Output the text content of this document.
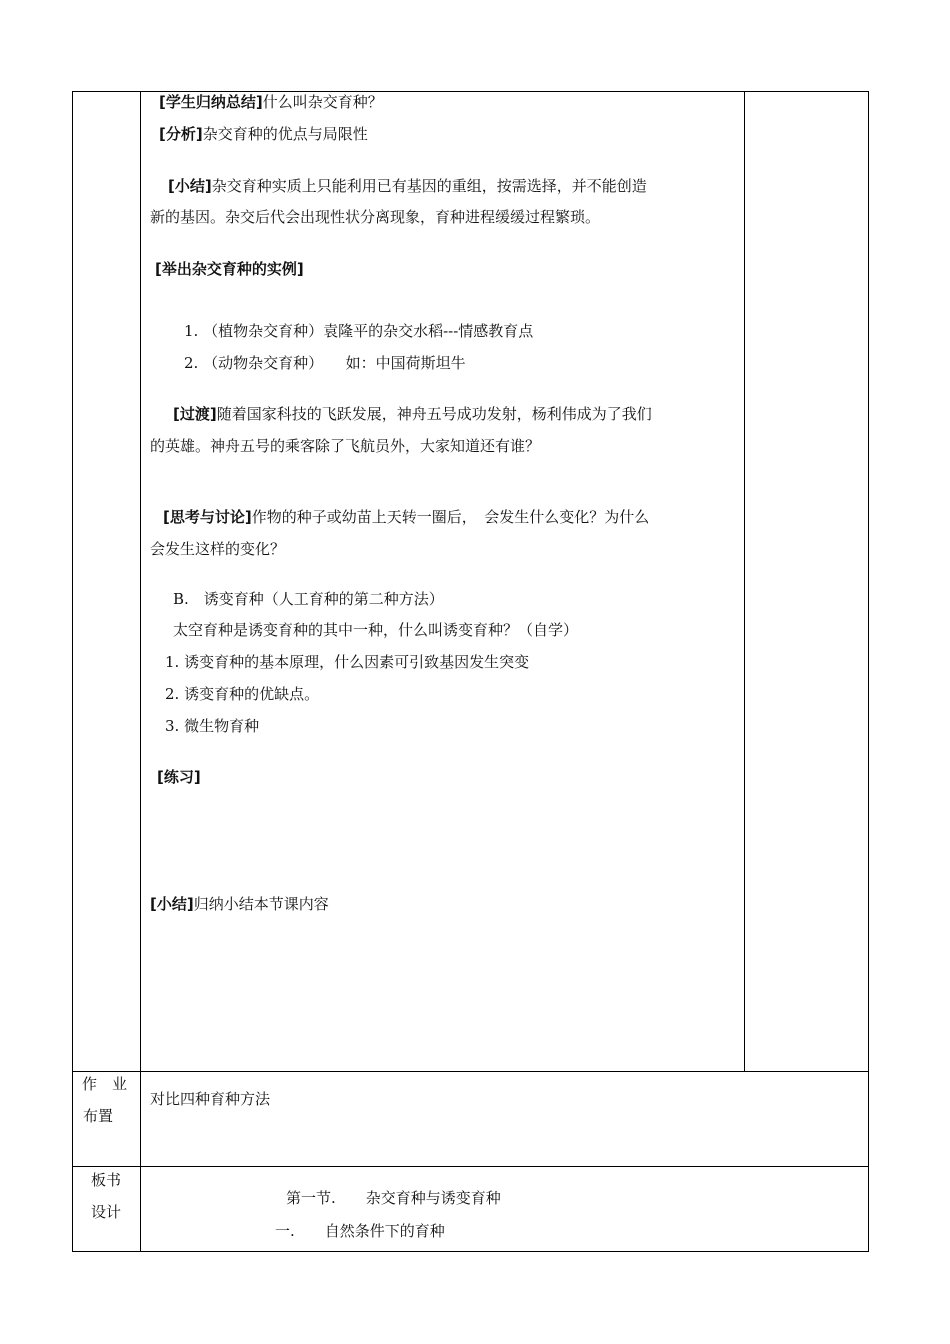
[学生归纳总结]什么叫杂交育种？
[分析]杂交育种的优点与局限性
[小结]杂交育种实质上只能利用已有基因的重组，按需选择，并不能创造
新的基因。杂交后代会出现性状分离现象，育种进程缓缓过程繁琐。
[举出杂交育种的实例]
1. （植物杂交育种）袁隆平的杂交水稻---情感教育点
2. （动物杂交育种）　　如：中国荷斯坦牛
[过渡]随着国家科技的飞跃发展，神舟五号成功发射，杨利伟成为了我们
的英雄。神舟五号的乘客除了飞航员外，大家知道还有谁？
[思考与讨论]作物的种子或幼苗上天转一圈后，　会发生什么变化？为什么
会发生这样的变化？
B.　诱变育种（人工育种的第二种方法）
太空育种是诱变育种的其中一种，什么叫诱变育种？（自学）
1. 诱变育种的基本原理，什么因素可引致基因发生突变
2. 诱变育种的优缺点。
3. 微生物育种
[练习]
[小结]归纳小结本节课内容
作　业
布置
对比四种育种方法
板书
设计
第一节.　　杂交育种与诱变育种
一.　　自然条件下的育种
